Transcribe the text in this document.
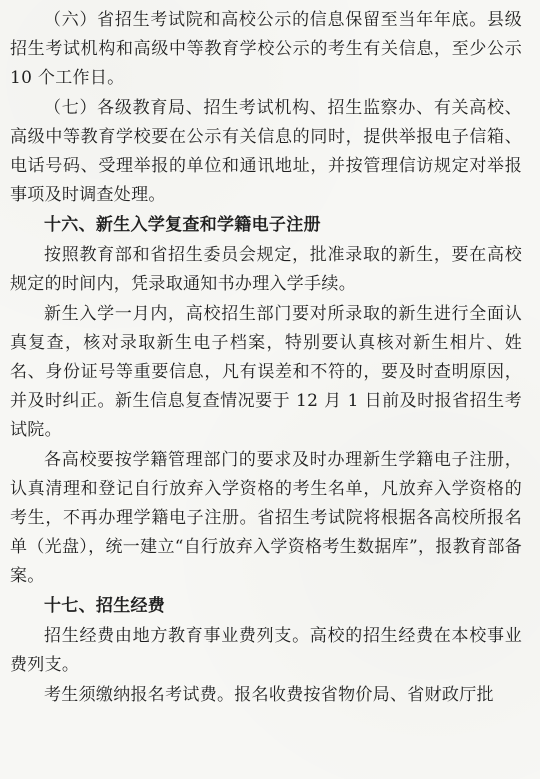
（六）省招生考试院和高校公示的信息保留至当年年底。县级招生考试机构和高级中等教育学校公示的考生有关信息，至少公示 10 个工作日。

（七）各级教育局、招生考试机构、招生监察办、有关高校、高级中等教育学校要在公示有关信息的同时，提供举报电子信箱、电话号码、受理举报的单位和通讯地址，并按管理信访规定对举报事项及时调查处理。

十六、新生入学复查和学籍电子注册

按照教育部和省招生委员会规定，批准录取的新生，要在高校规定的时间内，凭录取通知书办理入学手续。

新生入学一月内，高校招生部门要对所录取的新生进行全面认真复查，核对录取新生电子档案，特别要认真核对新生相片、姓名、身份证号等重要信息，凡有误差和不符的，要及时查明原因，并及时纠正。新生信息复查情况要于 12 月 1 日前及时报省招生考试院。

各高校要按学籍管理部门的要求及时办理新生学籍电子注册，认真清理和登记自行放弃入学资格的考生名单，凡放弃入学资格的考生，不再办理学籍电子注册。省招生考试院将根据各高校所报名单（光盘），统一建立“自行放弃入学资格考生数据库”，报教育部备案。

十七、招生经费

招生经费由地方教育事业费列支。高校的招生经费在本校事业费列支。

考生须缴纳报名考试费。报名收费按省物价局、省财政厅批
